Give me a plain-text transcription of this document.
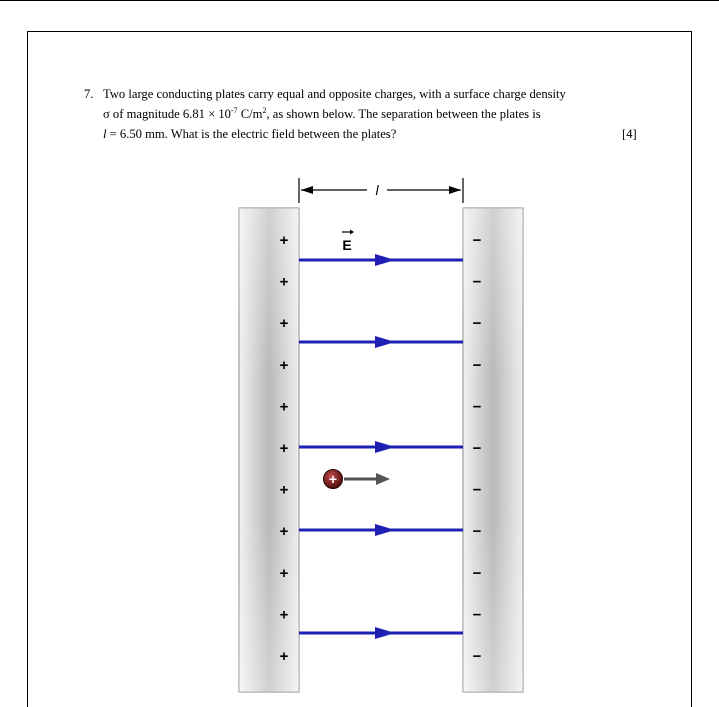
7. Two large conducting plates carry equal and opposite charges, with a surface charge density
σ of magnitude $6.81 \times 10^{-7}$ $C/m^2$, as shown below. The separation between the plates is
l = 6.50 mm. What is the electric field between the plates?	[4]
l
+
+
+
+
+
+
+
+
+
+
+
−
−
−
−
−
−
−
−
−
−
−
E
+
